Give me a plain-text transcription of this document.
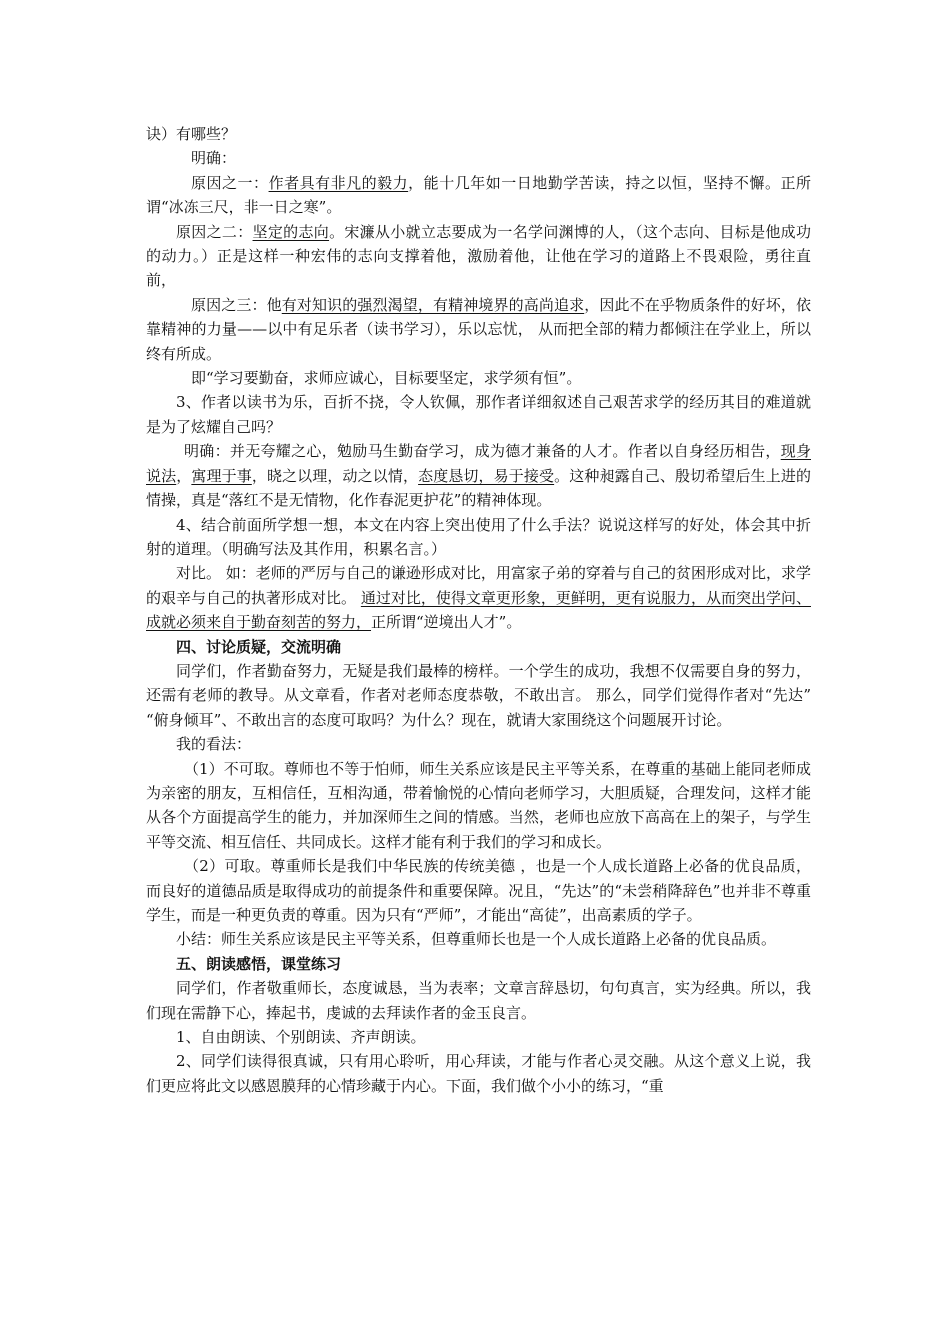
诀）有哪些？

明确：

原因之一：作者具有非凡的毅力，能十几年如一日地勤学苦读，持之以恒，坚持不懈。正所谓“冰冻三尺，非一日之寒”。

原因之二：坚定的志向。宋濂从小就立志要成为一名学问渊博的人，（这个志向、目标是他成功的动力。）正是这样一种宏伟的志向支撑着他，激励着他，让他在学习的道路上不畏艰险，勇往直前，

原因之三：他有对知识的强烈渴望，有精神境界的高尚追求，因此不在乎物质条件的好坏，依靠精神的力量——以中有足乐者（读书学习），乐以忘忧， 从而把全部的精力都倾注在学业上，所以终有所成。

即“学习要勤奋，求师应诚心，目标要坚定，求学须有恒”。

3、作者以读书为乐，百折不挠，令人钦佩，那作者详细叙述自己艰苦求学的经历其目的难道就是为了炫耀自己吗？

明确：并无夸耀之心，勉励马生勤奋学习，成为德才兼备的人才。作者以自身经历相告，现身说法，寓理于事，晓之以理，动之以情，态度恳切，易于接受。这种昶露自己、殷切希望后生上进的情操，真是“落红不是无情物，化作春泥更护花”的精神体现。

4、结合前面所学想一想，本文在内容上突出使用了什么手法？说说这样写的好处，体会其中折射的道理。（明确写法及其作用，积累名言。）

对比。 如：老师的严厉与自己的谦逊形成对比，用富家子弟的穿着与自己的贫困形成对比，求学的艰辛与自己的执著形成对比。 通过对比，使得文章更形象，更鲜明，更有说服力，从而突出学问、成就必须来自于勤奋刻苦的努力，正所谓“逆境出人才”。

四、讨论质疑，交流明确

同学们，作者勤奋努力，无疑是我们最棒的榜样。一个学生的成功，我想不仅需要自身的努力，还需有老师的教导。从文章看，作者对老师态度恭敬，不敢出言。 那么，同学们觉得作者对“先达” “俯身倾耳”、不敢出言的态度可取吗？为什么？现在，就请大家围绕这个问题展开讨论。

我的看法：

（1）不可取。尊师也不等于怕师，师生关系应该是民主平等关系，在尊重的基础上能同老师成为亲密的朋友，互相信任，互相沟通，带着愉悦的心情向老师学习，大胆质疑，合理发问，这样才能从各个方面提高学生的能力，并加深师生之间的情感。当然，老师也应放下高高在上的架子，与学生平等交流、相互信任、共同成长。这样才能有利于我们的学习和成长。

（2）可取。尊重师长是我们中华民族的传统美德 ，也是一个人成长道路上必备的优良品质，而良好的道德品质是取得成功的前提条件和重要保障。况且，“先达”的“未尝稍降辞色”也并非不尊重学生，而是一种更负责的尊重。因为只有“严师”，才能出“高徒”，出高素质的学子。

小结：师生关系应该是民主平等关系，但尊重师长也是一个人成长道路上必备的优良品质。

五、朗读感悟，课堂练习

同学们，作者敬重师长，态度诚恳，当为表率；文章言辞恳切，句句真言，实为经典。所以，我们现在需静下心，捧起书，虔诚的去拜读作者的金玉良言。

1、自由朗读、个别朗读、齐声朗读。

2、同学们读得很真诚，只有用心聆听，用心拜读，才能与作者心灵交融。从这个意义上说，我们更应将此文以感恩膜拜的心情珍藏于内心。下面，我们做个小小的练习，“重
